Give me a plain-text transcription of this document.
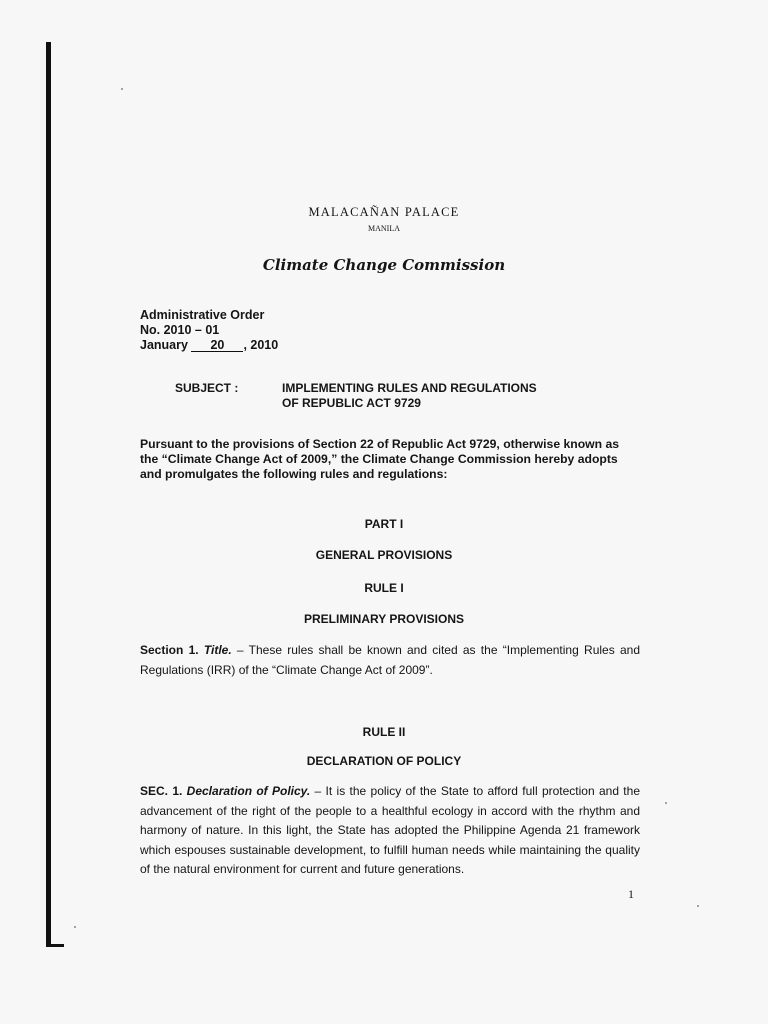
MALACAÑAN PALACE
MANILA
Climate Change Commission
Administrative Order
No. 2010 – 01
January 20 , 2010
SUBJECT :	IMPLEMENTING RULES AND REGULATIONS
OF REPUBLIC ACT 9729
Pursuant to the provisions of Section 22 of Republic Act 9729, otherwise known as the “Climate Change Act of 2009,” the Climate Change Commission hereby adopts and promulgates the following rules and regulations:
PART I
GENERAL PROVISIONS
RULE I
PRELIMINARY PROVISIONS
Section 1. Title. – These rules shall be known and cited as the “Implementing Rules and Regulations (IRR) of the “Climate Change Act of 2009”.
RULE II
DECLARATION OF POLICY
SEC. 1. Declaration of Policy. – It is the policy of the State to afford full protection and the advancement of the right of the people to a healthful ecology in accord with the rhythm and harmony of nature. In this light, the State has adopted the Philippine Agenda 21 framework which espouses sustainable development, to fulfill human needs while maintaining the quality of the natural environment for current and future generations.
1
